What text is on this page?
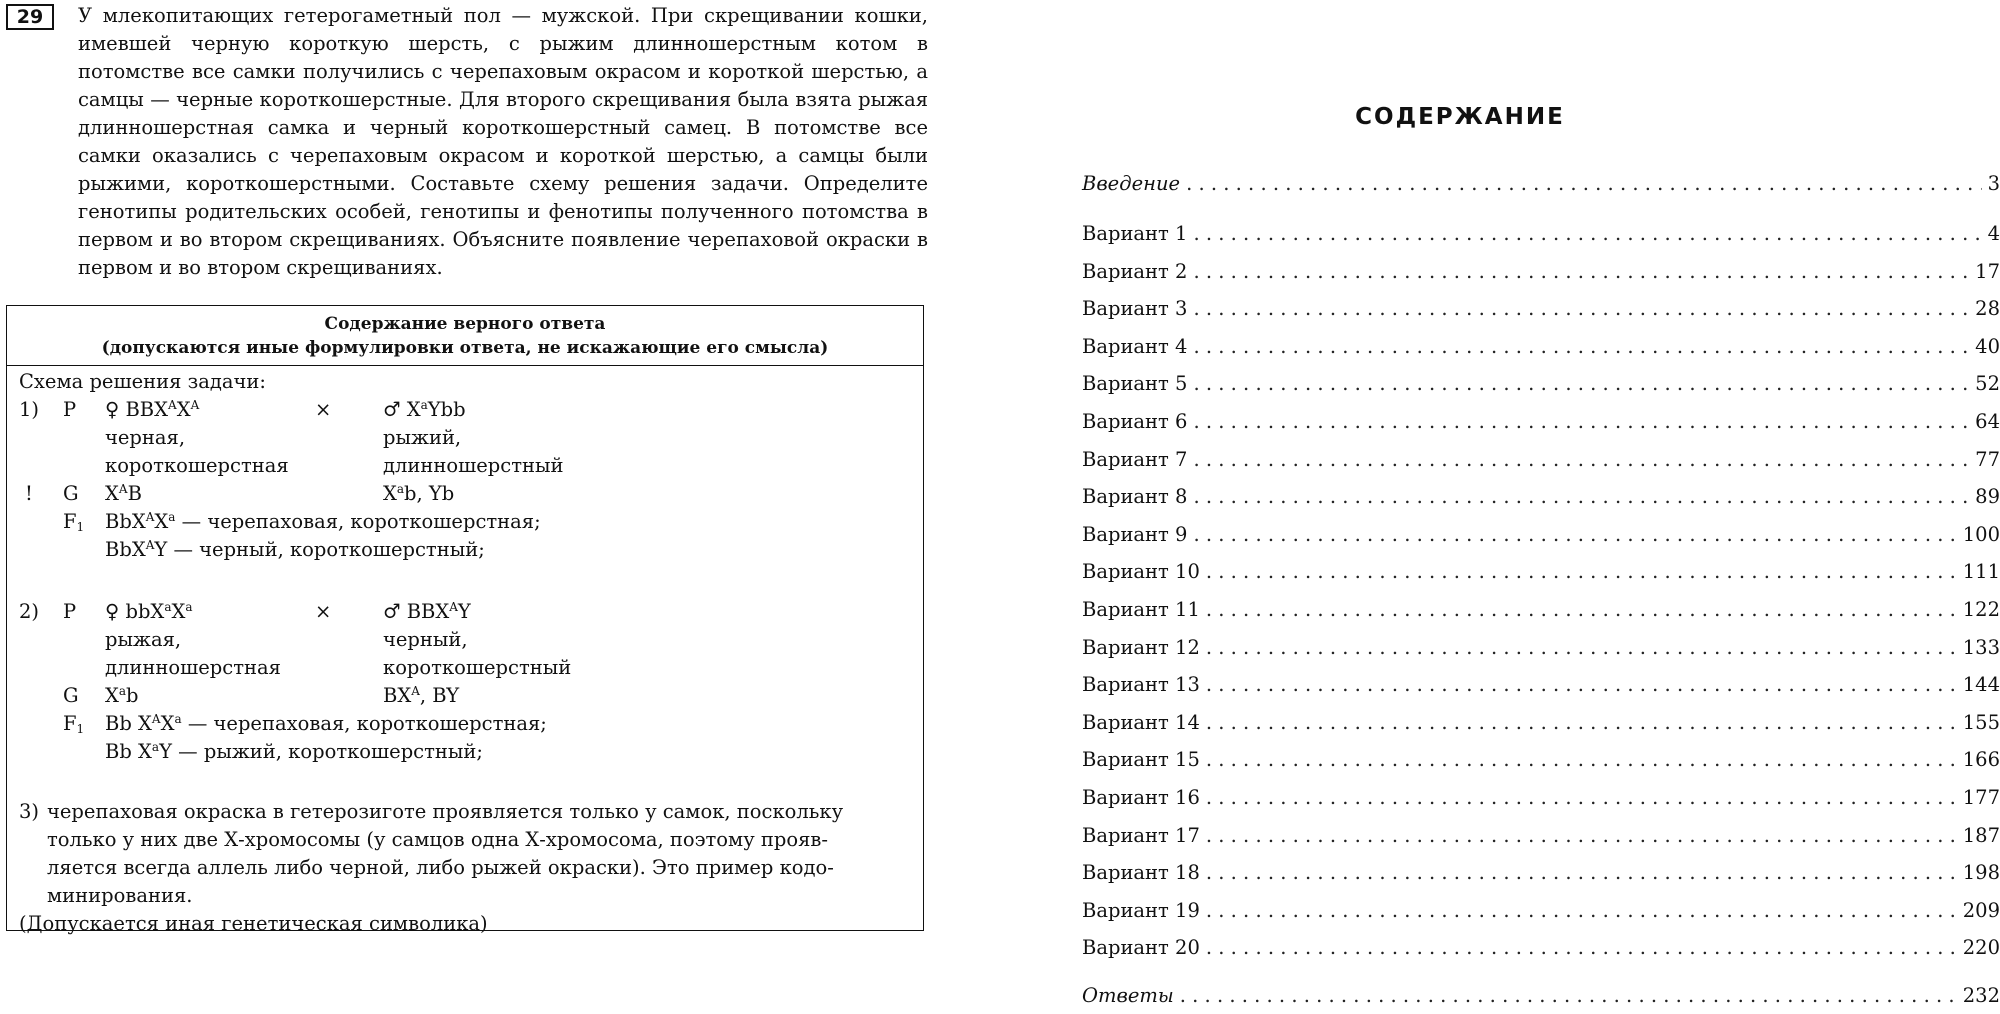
29	У млекопитающих гетерогаметный пол — мужской. При скрещивании кошки, имевшей черную короткую шерсть, с рыжим длинношерстным котом в потомстве все самки получились с черепаховым окрасом и короткой шерстью, а самцы — черные короткошерстные. Для второго скрещивания была взята рыжая длинношерстная самка и черный короткошерстный самец. В потомстве все самки оказались с черепаховым окрасом и короткой шерстью, а самцы были рыжими, короткошерстными. Составьте схему решения задачи. Определите генотипы родительских особей, генотипы и фенотипы полученного потомства в первом и во втором скрещиваниях. Объясните появление черепаховой окраски в первом и во втором скрещиваниях.

Содержание верного ответа
(допускаются иные формулировки ответа, не искажающие его смысла)
Схема решения задачи:
1) P ♀ $BBX^AX^A$	×	♂ $X^aYbb$
черная,	рыжий,
короткошерстная	длинношерстный
! G $X^AB$	$X^ab$, Yb
$F_1$ $BbX^AX^a$ — черепаховая, короткошерстная;
BbX$^A$Y — черный, короткошерстный;
2) P ♀ $bbX^aX^a$	×	♂ $BBX^AY$
рыжая,	черный,
длинношерстная	короткошерстный
G $X^ab$	$BX^A$, BY
$F_1$ Bb $X^AX^a$ — черепаховая, короткошерстная;
Bb $X^aY$ — рыжий, короткошерстный;
3) черепаховая окраска в гетерозиготе проявляется только у самок, поскольку
только у них две Х-хромосомы (у самцов одна Х-хромосома, поэтому прояв-
ляется всегда аллель либо черной, либо рыжей окраски). Это пример кодо-
минирования.
(Допускается иная генетическая символика)
СОДЕРЖАНИЕ
Введение . . .	3
Вариант 1 . . .	4
Вариант 2 . . .	17
Вариант 3 . . .	28
Вариант 4 . . .	40
Вариант 5 . . .	52
Вариант 6 . . .	64
Вариант 7 . . .	77
Вариант 8 . . .	89
Вариант 9 . . .	100
Вариант 10 . . .	111
Вариант 11 . . .	122
Вариант 12 . . .	133
Вариант 13 . . .	144
Вариант 14 . . .	155
Вариант 15 . . .	166
Вариант 16 . . .	177
Вариант 17 . . .	187
Вариант 18 . . .	198
Вариант 19 . . .	209
Вариант 20 . . .	220
Ответы . . .	232
